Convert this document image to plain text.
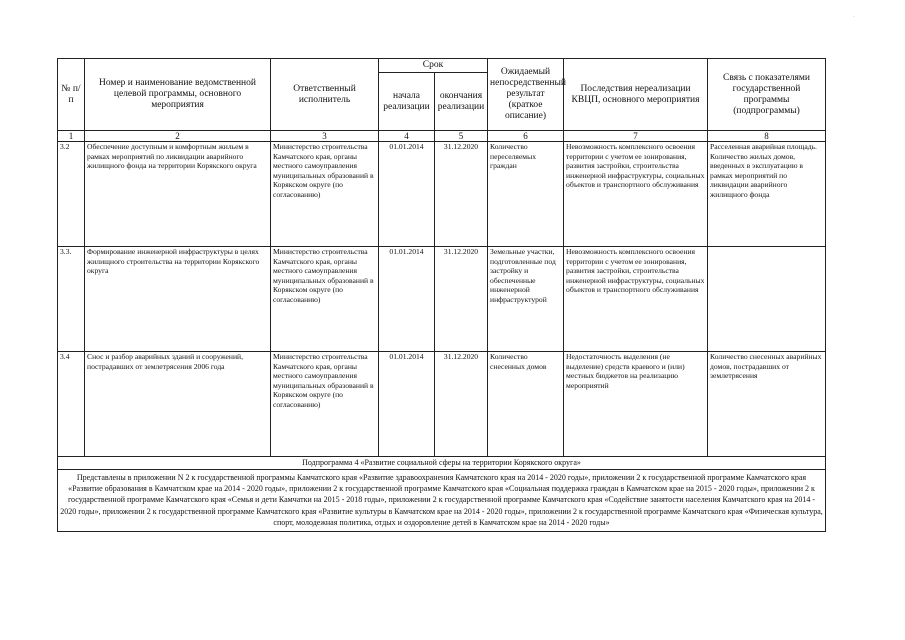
·
№ п/п	Номер и наименование ведомственной целевой программы, основного мероприятия	Ответственный исполнитель	Срок		Ожидаемый непосредственный результат (краткое описание)	Последствия нереализации КВЦП, основного мероприятия	Связь с показателями государственной программы (подпрограммы)
			начала реализации	окончания реализации			
1	2	3	4	5	6	7	8
3.2	Обеспечение доступным и комфортным жильем в рамках мероприятий по ликвидации аварийного жилищного фонда на территории Корякского округа	Министерство строительства Камчатского края, органы местного самоуправления муниципальных образований в Корякском округе (по согласованию)	01.01.2014	31.12.2020	Количество переселяемых граждан	Невозможность комплексного освоения территории с учетом ее зонирования, развития застройки, строительства инженерной инфраструктуры, социальных объектов и транспортного обслуживания	Расселенная аварийная площадь. Количество жилых домов, введенных в эксплуатацию в рамках мероприятий по ликвидации аварийного жилищного фонда
3.3.	Формирование инженерной инфраструктуры в целях жилищного строительства на территории Корякского округа	Министерство строительства Камчатского края, органы местного самоуправления муниципальных образований в Корякском округе (по согласованию)	01.01.2014	31.12.2020	Земельные участки, подготовленные под застройку и обеспеченные инженерной инфраструктурой	Невозможность комплексного освоения территории с учетом ее зонирования, развития застройки, строительства инженерной инфраструктуры, социальных объектов и транспортного обслуживания	
3.4	Снос и разбор аварийных зданий и сооружений, пострадавших от землетрясения 2006 года	Министерство строительства Камчатского края, органы местного самоуправления муниципальных образований в Корякском округе (по согласованию)	01.01.2014	31.12.2020	Количество снесенных домов	Недостаточность выделения (не выделение) средств краевого и (или) местных бюджетов на реализацию мероприятий	Количество снесенных аварийных домов, пострадавших от землетрясения
Подпрограмма 4 «Развитие социальной сферы на территории Корякского округа»							
Представлены в приложении N 2 к государственной программы Камчатского края «Развитие здравоохранения Камчатского края на 2014 - 2020 годы», приложении 2 к государственной программе Камчатского края «Развитие образования в Камчатском крае на 2014 - 2020 годы», приложении 2 к государственной программе Камчатского края «Социальная поддержка граждан в Камчатском крае на 2015 - 2020 годы», приложении 2 к государственной программе Камчатского края «Семья и дети Камчатки на 2015 - 2018 годы», приложении 2 к государственной программе Камчатского края «Содействие занятости населения Камчатского края на 2014 - 2020 годы», приложении 2 к государственной программе Камчатского края «Развитие культуры в Камчатском крае на 2014 - 2020 годы», приложении 2 к государственной программе Камчатского края «Физическая культура, спорт, молодежная политика, отдых и оздоровление детей в Камчатском крае на 2014 - 2020 годы»							
